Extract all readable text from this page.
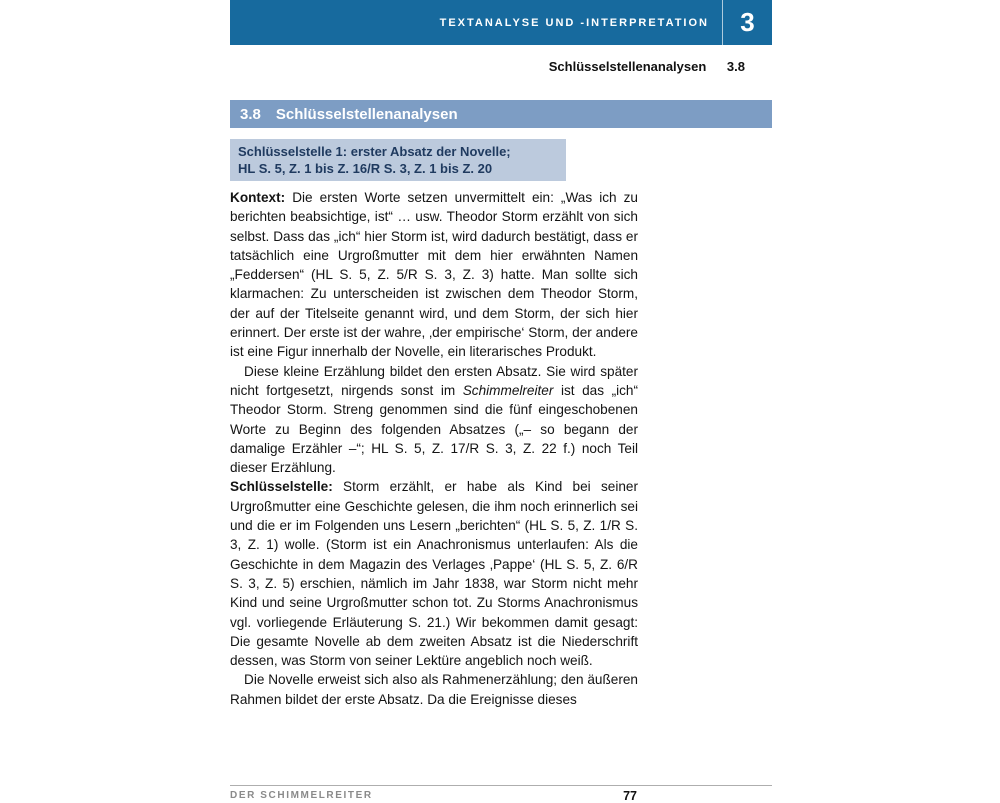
TEXTANALYSE UND -INTERPRETATION	3
Schlüsselstellenanalysen 3.8
3.8 Schlüsselstellenanalysen
Schlüsselstelle 1: erster Absatz der Novelle;
HL S. 5, Z. 1 bis Z. 16/R S. 3, Z. 1 bis Z. 20

Kontext: Die ersten Worte setzen unvermittelt ein: „Was ich zu berichten beabsichtige, ist“ … usw. Theodor Storm erzählt von sich selbst. Dass das „ich“ hier Storm ist, wird dadurch bestätigt, dass er tatsächlich eine Urgroßmutter mit dem hier erwähnten Namen „Feddersen“ (HL S. 5, Z. 5/R S. 3, Z. 3) hatte. Man sollte sich klarmachen: Zu unterscheiden ist zwischen dem Theodor Storm, der auf der Titelseite genannt wird, und dem Storm, der sich hier erinnert. Der erste ist der wahre, ‚der empirische‘ Storm, der andere ist eine Figur innerhalb der Novelle, ein literarisches Produkt.

Diese kleine Erzählung bildet den ersten Absatz. Sie wird später nicht fortgesetzt, nirgends sonst im Schimmelreiter ist das „ich“ Theodor Storm. Streng genommen sind die fünf eingeschobenen Worte zu Beginn des folgenden Absatzes („– so begann der damalige Erzähler –“; HL S. 5, Z. 17/R S. 3, Z. 22 f.) noch Teil dieser Erzählung.

Schlüsselstelle: Storm erzählt, er habe als Kind bei seiner Urgroßmutter eine Geschichte gelesen, die ihm noch erinnerlich sei und die er im Folgenden uns Lesern „berichten“ (HL S. 5, Z. 1/R S. 3, Z. 1) wolle. (Storm ist ein Anachronismus unterlaufen: Als die Geschichte in dem Magazin des Verlages ‚Pappe‘ (HL S. 5, Z. 6/R S. 3, Z. 5) erschien, nämlich im Jahr 1838, war Storm nicht mehr Kind und seine Urgroßmutter schon tot. Zu Storms Anachronismus vgl. vorliegende Erläuterung S. 21.) Wir bekommen damit gesagt: Die gesamte Novelle ab dem zweiten Absatz ist die Niederschrift dessen, was Storm von seiner Lektüre angeblich noch weiß.

Die Novelle erweist sich also als Rahmenerzählung; den äußeren Rahmen bildet der erste Absatz. Da die Ereignisse dieses

DER SCHIMMELREITER	77
